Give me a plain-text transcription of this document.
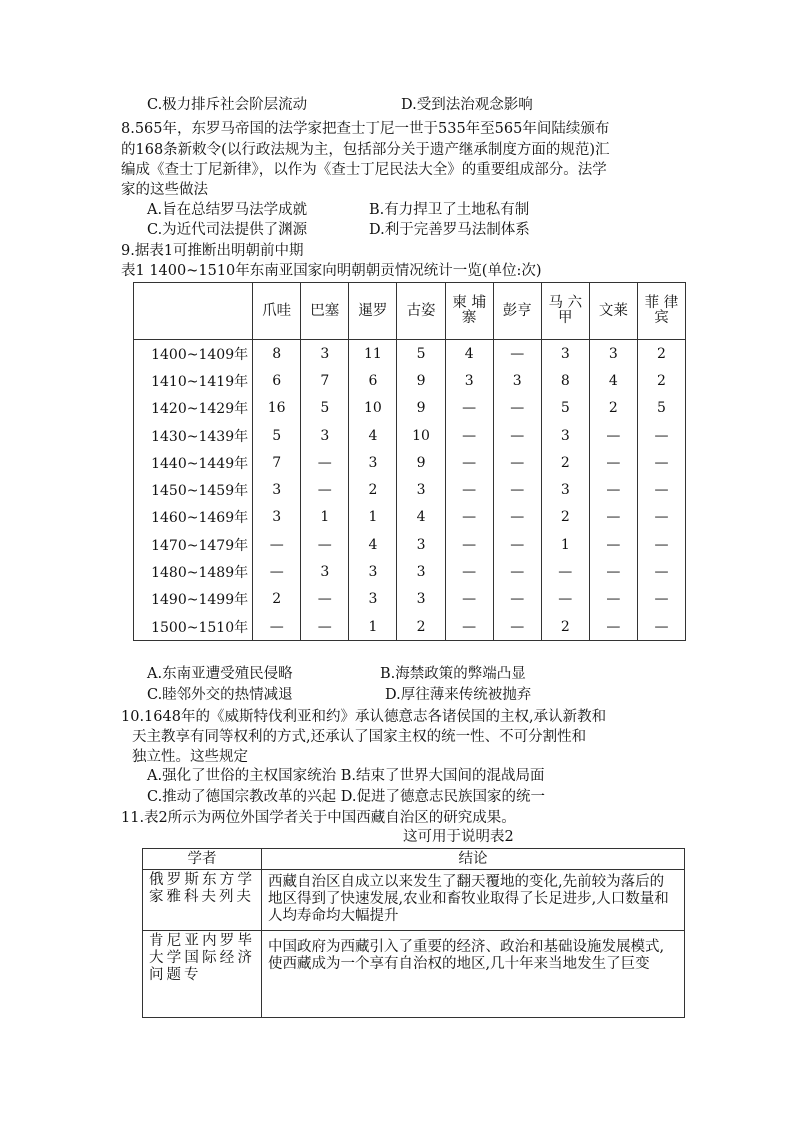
C.极力排斥社会阶层流动	D.受到法治观念影响
8.565年，东罗马帝国的法学家把查士丁尼一世于535年至565年间陆续颁布
的168条新敕令(以行政法规为主，包括部分关于遗产继承制度方面的规范)汇
编成《查士丁尼新律》，以作为《查士丁尼民法大全》的重要组成部分。法学
家的这些做法
A.旨在总结罗马法学成就	B.有力捍卫了土地私有制
C.为近代司法提供了渊源	D.利于完善罗马法制体系
9.据表1可推断出明朝前中期
表1 1400~1510年东南亚国家向明朝朝贡情况统计一览(单位:次)
	爪哇	巴塞	暹罗	古姿	柬 埔 寨	彭亨	马 六 甲	文莱	菲 律 宾
1400~1409年	8	3	11	5	4	—	3	3	2
1410~1419年	6	7	6	9	3	3	8	4	2
1420~1429年	16	5	10	9	—	—	5	2	5
1430~1439年	5	3	4	10	—	—	3	—	—
1440~1449年	7	—	3	9	—	—	2	—	—
1450~1459年	3	—	2	3	—	—	3	—	—
1460~1469年	3	1	1	4	—	—	2	—	—
1470~1479年	—	—	4	3	—	—	1	—	—
1480~1489年	—	3	3	3	—	—	—	—	—
1490~1499年	2	—	3	3	—	—	—	—	—
1500~1510年	—	—	1	2	—	—	2	—	—
A.东南亚遭受殖民侵略	B.海禁政策的弊端凸显
C.睦邻外交的热情减退	D.厚往薄来传统被抛弃
10.1648年的《威斯特伐利亚和约》承认德意志各诸侯国的主权,承认新教和
天主教享有同等权利的方式,还承认了国家主权的统一性、不可分割性和
独立性。这些规定
A.强化了世俗的主权国家统治 B.结束了世界大国间的混战局面
C.推动了德国宗教改革的兴起 D.促进了德意志民族国家的统一
11.表2所示为两位外国学者关于中国西藏自治区的研究成果。
这可用于说明表2
学者	结论
俄罗斯东方学家雅科夫列夫	西藏自治区自成立以来发生了翻天覆地的变化,先前较为落后的地区得到了快速发展,农业和畜牧业取得了长足进步,人口数量和人均寿命均大幅提升
肯尼亚内罗毕大学国际经济问题专	中国政府为西藏引入了重要的经济、政治和基础设施发展模式,使西藏成为一个享有自治权的地区,几十年来当地发生了巨变
